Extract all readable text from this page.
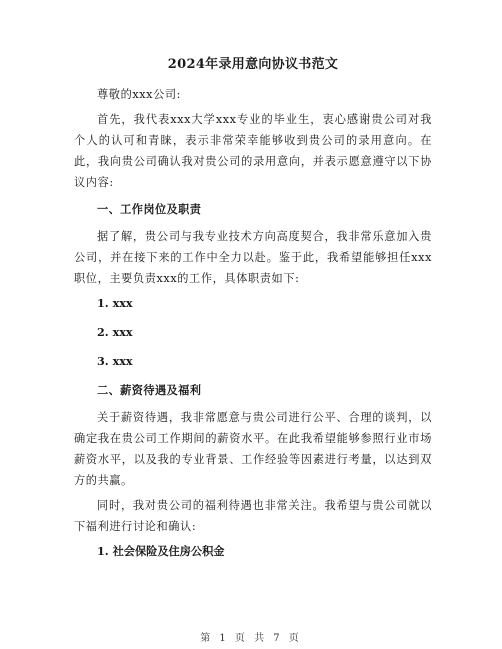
2024年录用意向协议书范文

尊敬的xxx公司:

首先，我代表xxx大学xxx专业的毕业生，衷心感谢贵公司对我个人的认可和青睐，表示非常荣幸能够收到贵公司的录用意向。在此，我向贵公司确认我对贵公司的录用意向，并表示愿意遵守以下协议内容:

一、工作岗位及职责

据了解，贵公司与我专业技术方向高度契合，我非常乐意加入贵公司，并在接下来的工作中全力以赴。鉴于此，我希望能够担任xxx职位，主要负责xxx的工作，具体职责如下:

1. xxx
2. xxx
3. xxx
二、薪资待遇及福利

关于薪资待遇，我非常愿意与贵公司进行公平、合理的谈判，以确定我在贵公司工作期间的薪资水平。在此我希望能够参照行业市场薪资水平，以及我的专业背景、工作经验等因素进行考量，以达到双方的共赢。

同时，我对贵公司的福利待遇也非常关注。我希望与贵公司就以下福利进行讨论和确认:

1. 社会保险及住房公积金
第 1 页 共 7 页
